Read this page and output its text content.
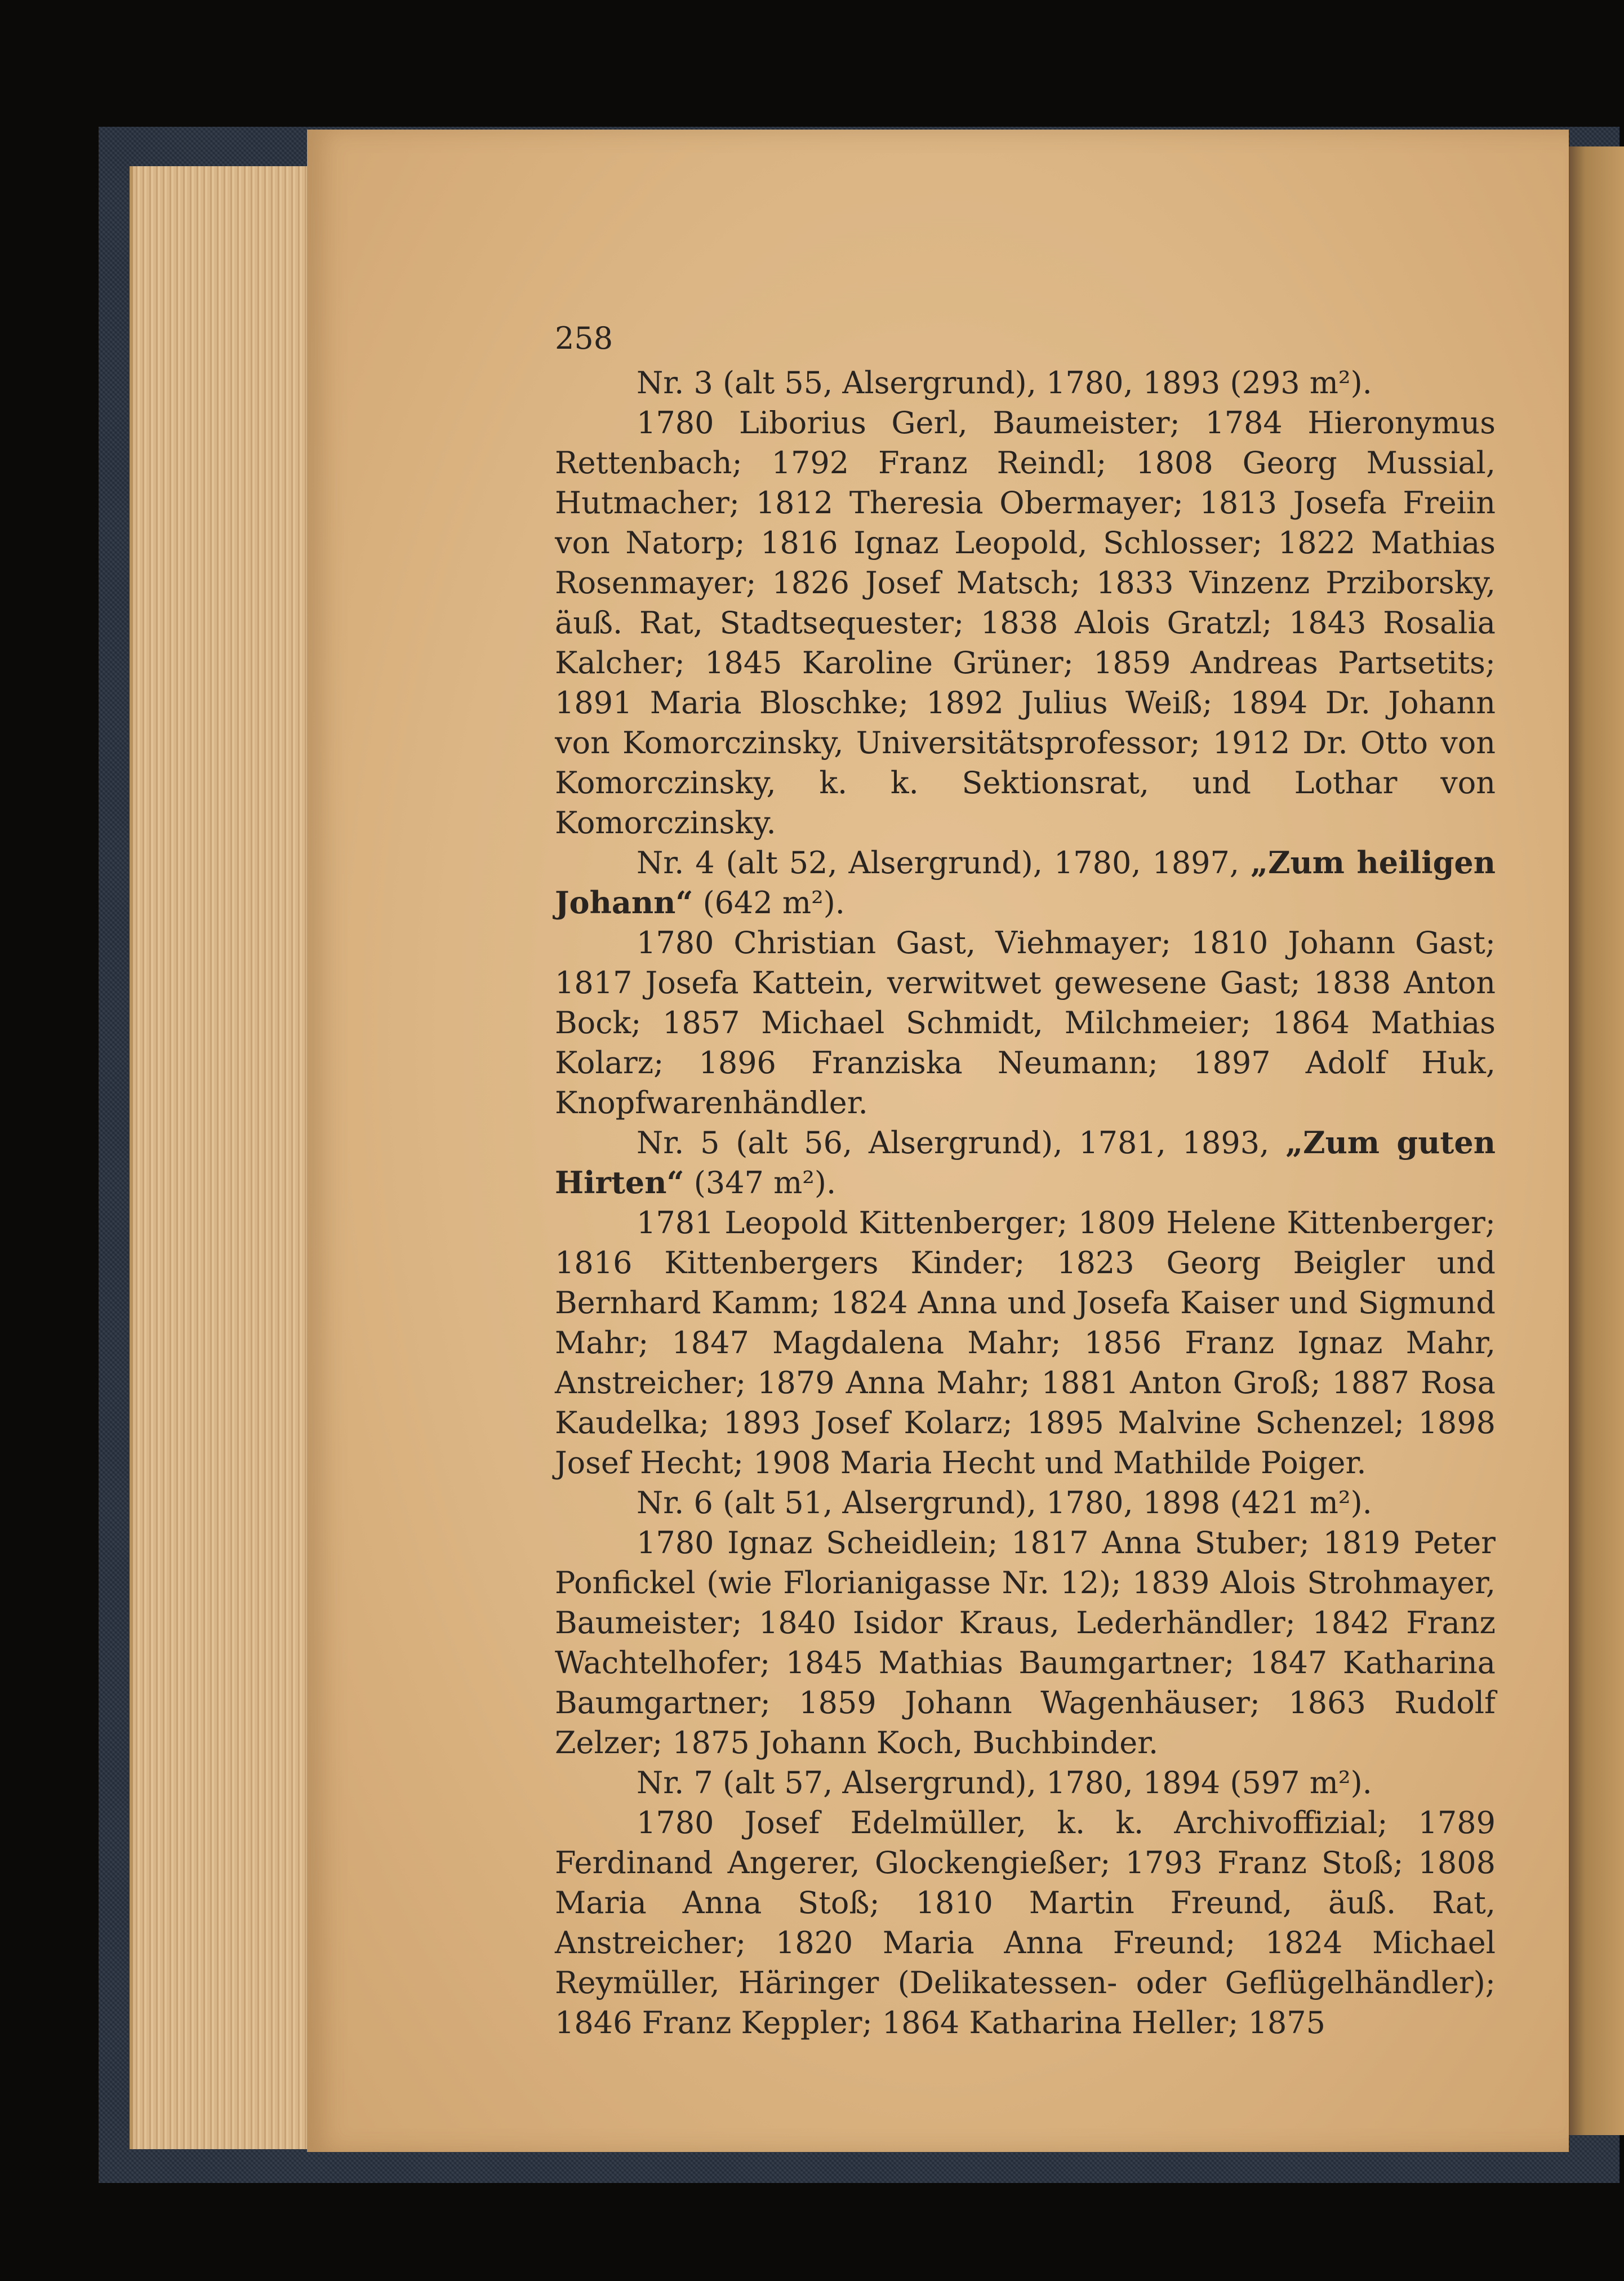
258

Nr. 3 (alt 55, Alsergrund), 1780, 1893 (293 m²).

1780 Liborius Gerl, Baumeister; 1784 Hieronymus Rettenbach; 1792 Franz Reindl; 1808 Georg Mussial, Hutmacher; 1812 Theresia Obermayer; 1813 Josefa Freiin von Natorp; 1816 Ignaz Leopold, Schlosser; 1822 Mathias Rosenmayer; 1826 Josef Matsch; 1833 Vinzenz Prziborsky, äuß. Rat, Stadtsequester; 1838 Alois Gratzl; 1843 Rosalia Kalcher; 1845 Karoline Grüner; 1859 Andreas Partsetits; 1891 Maria Bloschke; 1892 Julius Weiß; 1894 Dr. Johann von Komorczinsky, Universitätsprofessor; 1912 Dr. Otto von Komorczinsky, k. k. Sektionsrat, und Lothar von Komorczinsky.

Nr. 4 (alt 52, Alsergrund), 1780, 1897, „Zum heiligen Johann“ (642 m²).

1780 Christian Gast, Viehmayer; 1810 Johann Gast; 1817 Josefa Kattein, verwitwet gewesene Gast; 1838 Anton Bock; 1857 Michael Schmidt, Milchmeier; 1864 Mathias Kolarz; 1896 Franziska Neumann; 1897 Adolf Huk, Knopfwarenhändler.

Nr. 5 (alt 56, Alsergrund), 1781, 1893, „Zum guten Hirten“ (347 m²).

1781 Leopold Kittenberger; 1809 Helene Kittenberger; 1816 Kittenbergers Kinder; 1823 Georg Beigler und Bernhard Kamm; 1824 Anna und Josefa Kaiser und Sigmund Mahr; 1847 Magdalena Mahr; 1856 Franz Ignaz Mahr, Anstreicher; 1879 Anna Mahr; 1881 Anton Groß; 1887 Rosa Kaudelka; 1893 Josef Kolarz; 1895 Malvine Schenzel; 1898 Josef Hecht; 1908 Maria Hecht und Mathilde Poiger.

Nr. 6 (alt 51, Alsergrund), 1780, 1898 (421 m²).

1780 Ignaz Scheidlein; 1817 Anna Stuber; 1819 Peter Ponfickel (wie Florianigasse Nr. 12); 1839 Alois Strohmayer, Baumeister; 1840 Isidor Kraus, Lederhändler; 1842 Franz Wachtelhofer; 1845 Mathias Baumgartner; 1847 Katharina Baumgartner; 1859 Johann Wagenhäuser; 1863 Rudolf Zelzer; 1875 Johann Koch, Buchbinder.

Nr. 7 (alt 57, Alsergrund), 1780, 1894 (597 m²).

1780 Josef Edelmüller, k. k. Archivoffizial; 1789 Ferdinand Angerer, Glockengießer; 1793 Franz Stoß; 1808 Maria Anna Stoß; 1810 Martin Freund, äuß. Rat, Anstreicher; 1820 Maria Anna Freund; 1824 Michael Reymüller, Häringer (Delikatessen- oder Geflügelhändler); 1846 Franz Keppler; 1864 Katharina Heller; 1875
